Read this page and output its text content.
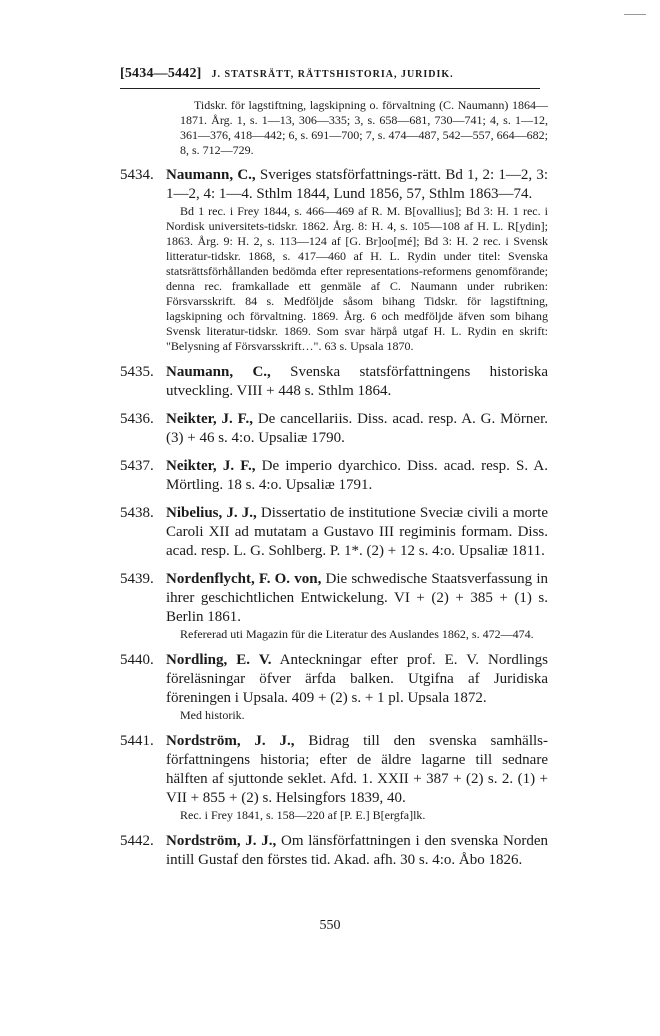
[5434—5442] J. STATSRÄTT, RÄTTSHISTORIA, JURIDIK.

Tidskr. för lagstiftning, lagskipning o. förvaltning (C. Naumann) 1864—1871. Årg. 1, s. 1—13, 306—335; 3, s. 658—681, 730—741; 4, s. 1—12, 361—376, 418—442; 6, s. 691—700; 7, s. 474—487, 542—557, 664—682; 8, s. 712—729.

5434. Naumann, C., Sveriges statsförfattnings-rätt. Bd 1, 2: 1—2, 3: 1—2, 4: 1—4. Sthlm 1844, Lund 1856, 57, Sthlm 1863—74.

Bd 1 rec. i Frey 1844, s. 466—469 af R. M. B[ovallius]; Bd 3: H. 1 rec. i Nordisk universitets-tidskr. 1862. Årg. 8: H. 4, s. 105—108 af H. L. R[ydin]; 1863. Årg. 9: H. 2, s. 113—124 af [G. Br]oo[mé]; Bd 3: H. 2 rec. i Svensk litteratur-tidskr. 1868, s. 417—460 af H. L. Rydin under titel: Svenska statsrättsförhållanden bedömda efter representations-reformens genomförande; denna rec. framkallade ett genmäle af C. Naumann under rubriken: Försvarsskrift. 84 s. Medföljde såsom bihang Tidskr. för lagstiftning, lagskipning och förvaltning. 1869. Årg. 6 och medföljde äfven som bihang Svensk literatur-tidskr. 1869. Som svar härpå utgaf H. L. Rydin en skrift: "Belysning af Försvarsskrift…". 63 s. Upsala 1870.

5435. Naumann, C., Svenska statsförfattningens historiska utveckling. VIII + 448 s. Sthlm 1864.

5436. Neikter, J. F., De cancellariis. Diss. acad. resp. A. G. Mörner. (3) + 46 s. 4:o. Upsaliæ 1790.

5437. Neikter, J. F., De imperio dyarchico. Diss. acad. resp. S. A. Mörtling. 18 s. 4:o. Upsaliæ 1791.

5438. Nibelius, J. J., Dissertatio de institutione Sveciæ civili a morte Caroli XII ad mutatam a Gustavo III regiminis formam. Diss. acad. resp. L. G. Sohlberg. P. 1*. (2) + 12 s. 4:o. Upsaliæ 1811.

5439. Nordenflycht, F. O. von, Die schwedische Staatsverfassung in ihrer geschichtlichen Entwickelung. VI + (2) + 385 + (1) s. Berlin 1861.

Refererad uti Magazin für die Literatur des Auslandes 1862, s. 472—474.

5440. Nordling, E. V. Anteckningar efter prof. E. V. Nordlings föreläsningar öfver ärfda balken. Utgifna af Juridiska föreningen i Upsala. 409 + (2) s. + 1 pl. Upsala 1872.

Med historik.

5441. Nordström, J. J., Bidrag till den svenska samhälls-författningens historia; efter de äldre lagarne till sednare hälften af sjuttonde seklet. Afd. 1. XXII + 387 + (2) s. 2. (1) + VII + 855 + (2) s. Helsingfors 1839, 40.

Rec. i Frey 1841, s. 158—220 af [P. E.] B[ergfa]lk.

5442. Nordström, J. J., Om länsförfattningen i den svenska Norden intill Gustaf den förstes tid. Akad. afh. 30 s. 4:o. Åbo 1826.

550
